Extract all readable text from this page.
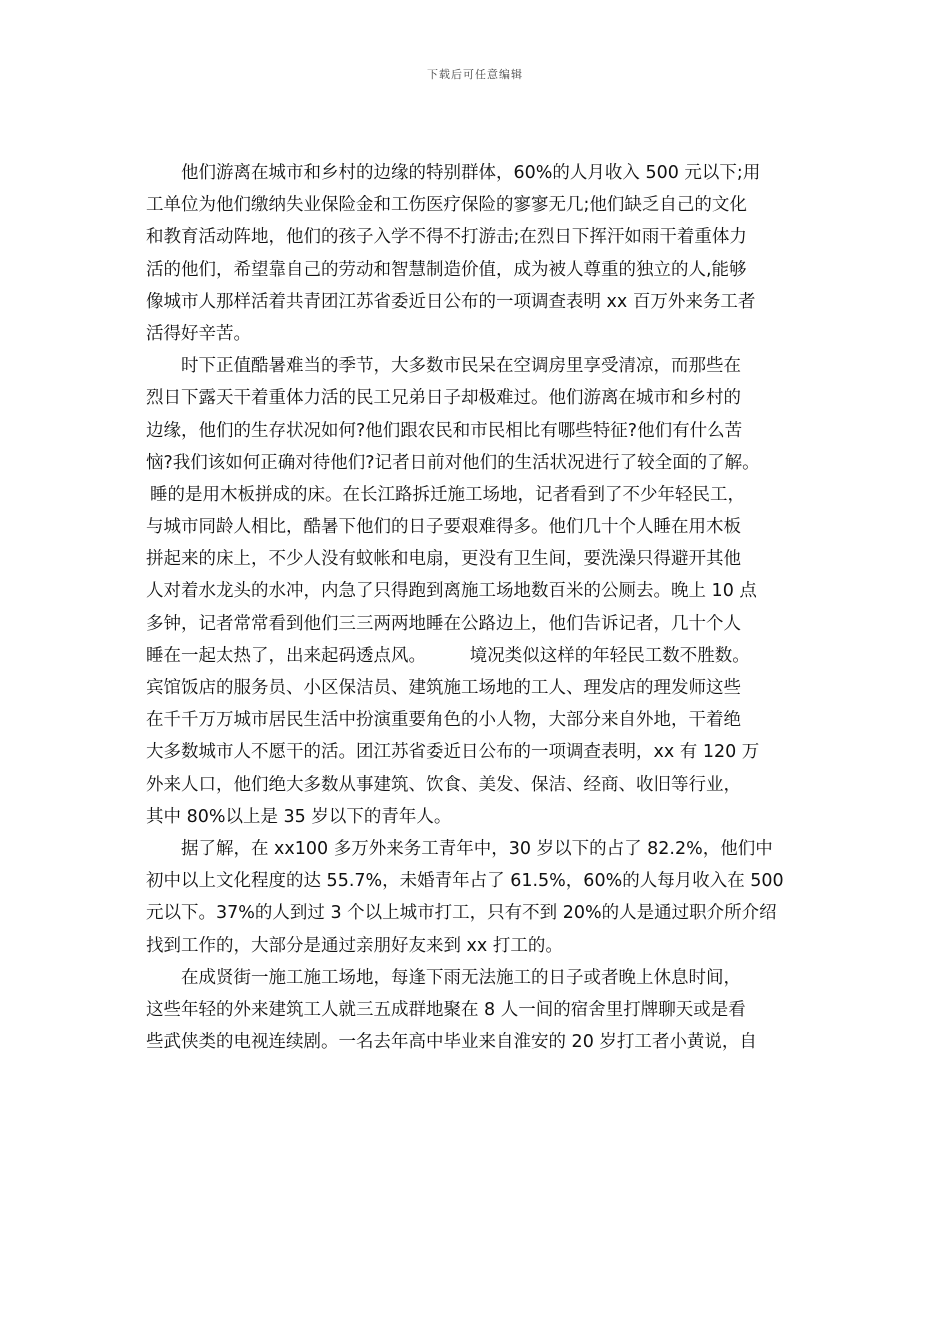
下载后可任意编辑
他们游离在城市和乡村的边缘的特别群体，60%的人月收入 500 元以下;用
工单位为他们缴纳失业保险金和工伤医疗保险的寥寥无几;他们缺乏自己的文化
和教育活动阵地，他们的孩子入学不得不打游击;在烈日下挥汗如雨干着重体力
活的他们，希望靠自己的劳动和智慧制造价值，成为被人尊重的独立的人,能够
像城市人那样活着共青团江苏省委近日公布的一项调查表明 xx 百万外来务工者
活得好辛苦。
时下正值酷暑难当的季节，大多数市民呆在空调房里享受清凉，而那些在
烈日下露天干着重体力活的民工兄弟日子却极难过。他们游离在城市和乡村的
边缘，他们的生存状况如何?他们跟农民和市民相比有哪些特征?他们有什么苦
恼?我们该如何正确对待他们?记者日前对他们的生活状况进行了较全面的了解。
睡的是用木板拼成的床。在长江路拆迁施工场地，记者看到了不少年轻民工，
与城市同龄人相比，酷暑下他们的日子要艰难得多。他们几十个人睡在用木板
拼起来的床上，不少人没有蚊帐和电扇，更没有卫生间，要洗澡只得避开其他
人对着水龙头的水冲，内急了只得跑到离施工场地数百米的公厕去。晚上 10 点
多钟，记者常常看到他们三三两两地睡在公路边上，他们告诉记者，几十个人
睡在一起太热了，出来起码透点风。　　　境况类似这样的年轻民工数不胜数。
宾馆饭店的服务员、小区保洁员、建筑施工场地的工人、理发店的理发师这些
在千千万万城市居民生活中扮演重要角色的小人物，大部分来自外地，干着绝
大多数城市人不愿干的活。团江苏省委近日公布的一项调查表明，xx 有 120 万
外来人口，他们绝大多数从事建筑、饮食、美发、保洁、经商、收旧等行业，
其中 80%以上是 35 岁以下的青年人。
据了解，在 xx100 多万外来务工青年中，30 岁以下的占了 82.2%，他们中
初中以上文化程度的达 55.7%，未婚青年占了 61.5%，60%的人每月收入在 500
元以下。37%的人到过 3 个以上城市打工，只有不到 20%的人是通过职介所介绍
找到工作的，大部分是通过亲朋好友来到 xx 打工的。
在成贤街一施工施工场地，每逢下雨无法施工的日子或者晚上休息时间，
这些年轻的外来建筑工人就三五成群地聚在 8 人一间的宿舍里打牌聊天或是看
些武侠类的电视连续剧。一名去年高中毕业来自淮安的 20 岁打工者小黄说，自
